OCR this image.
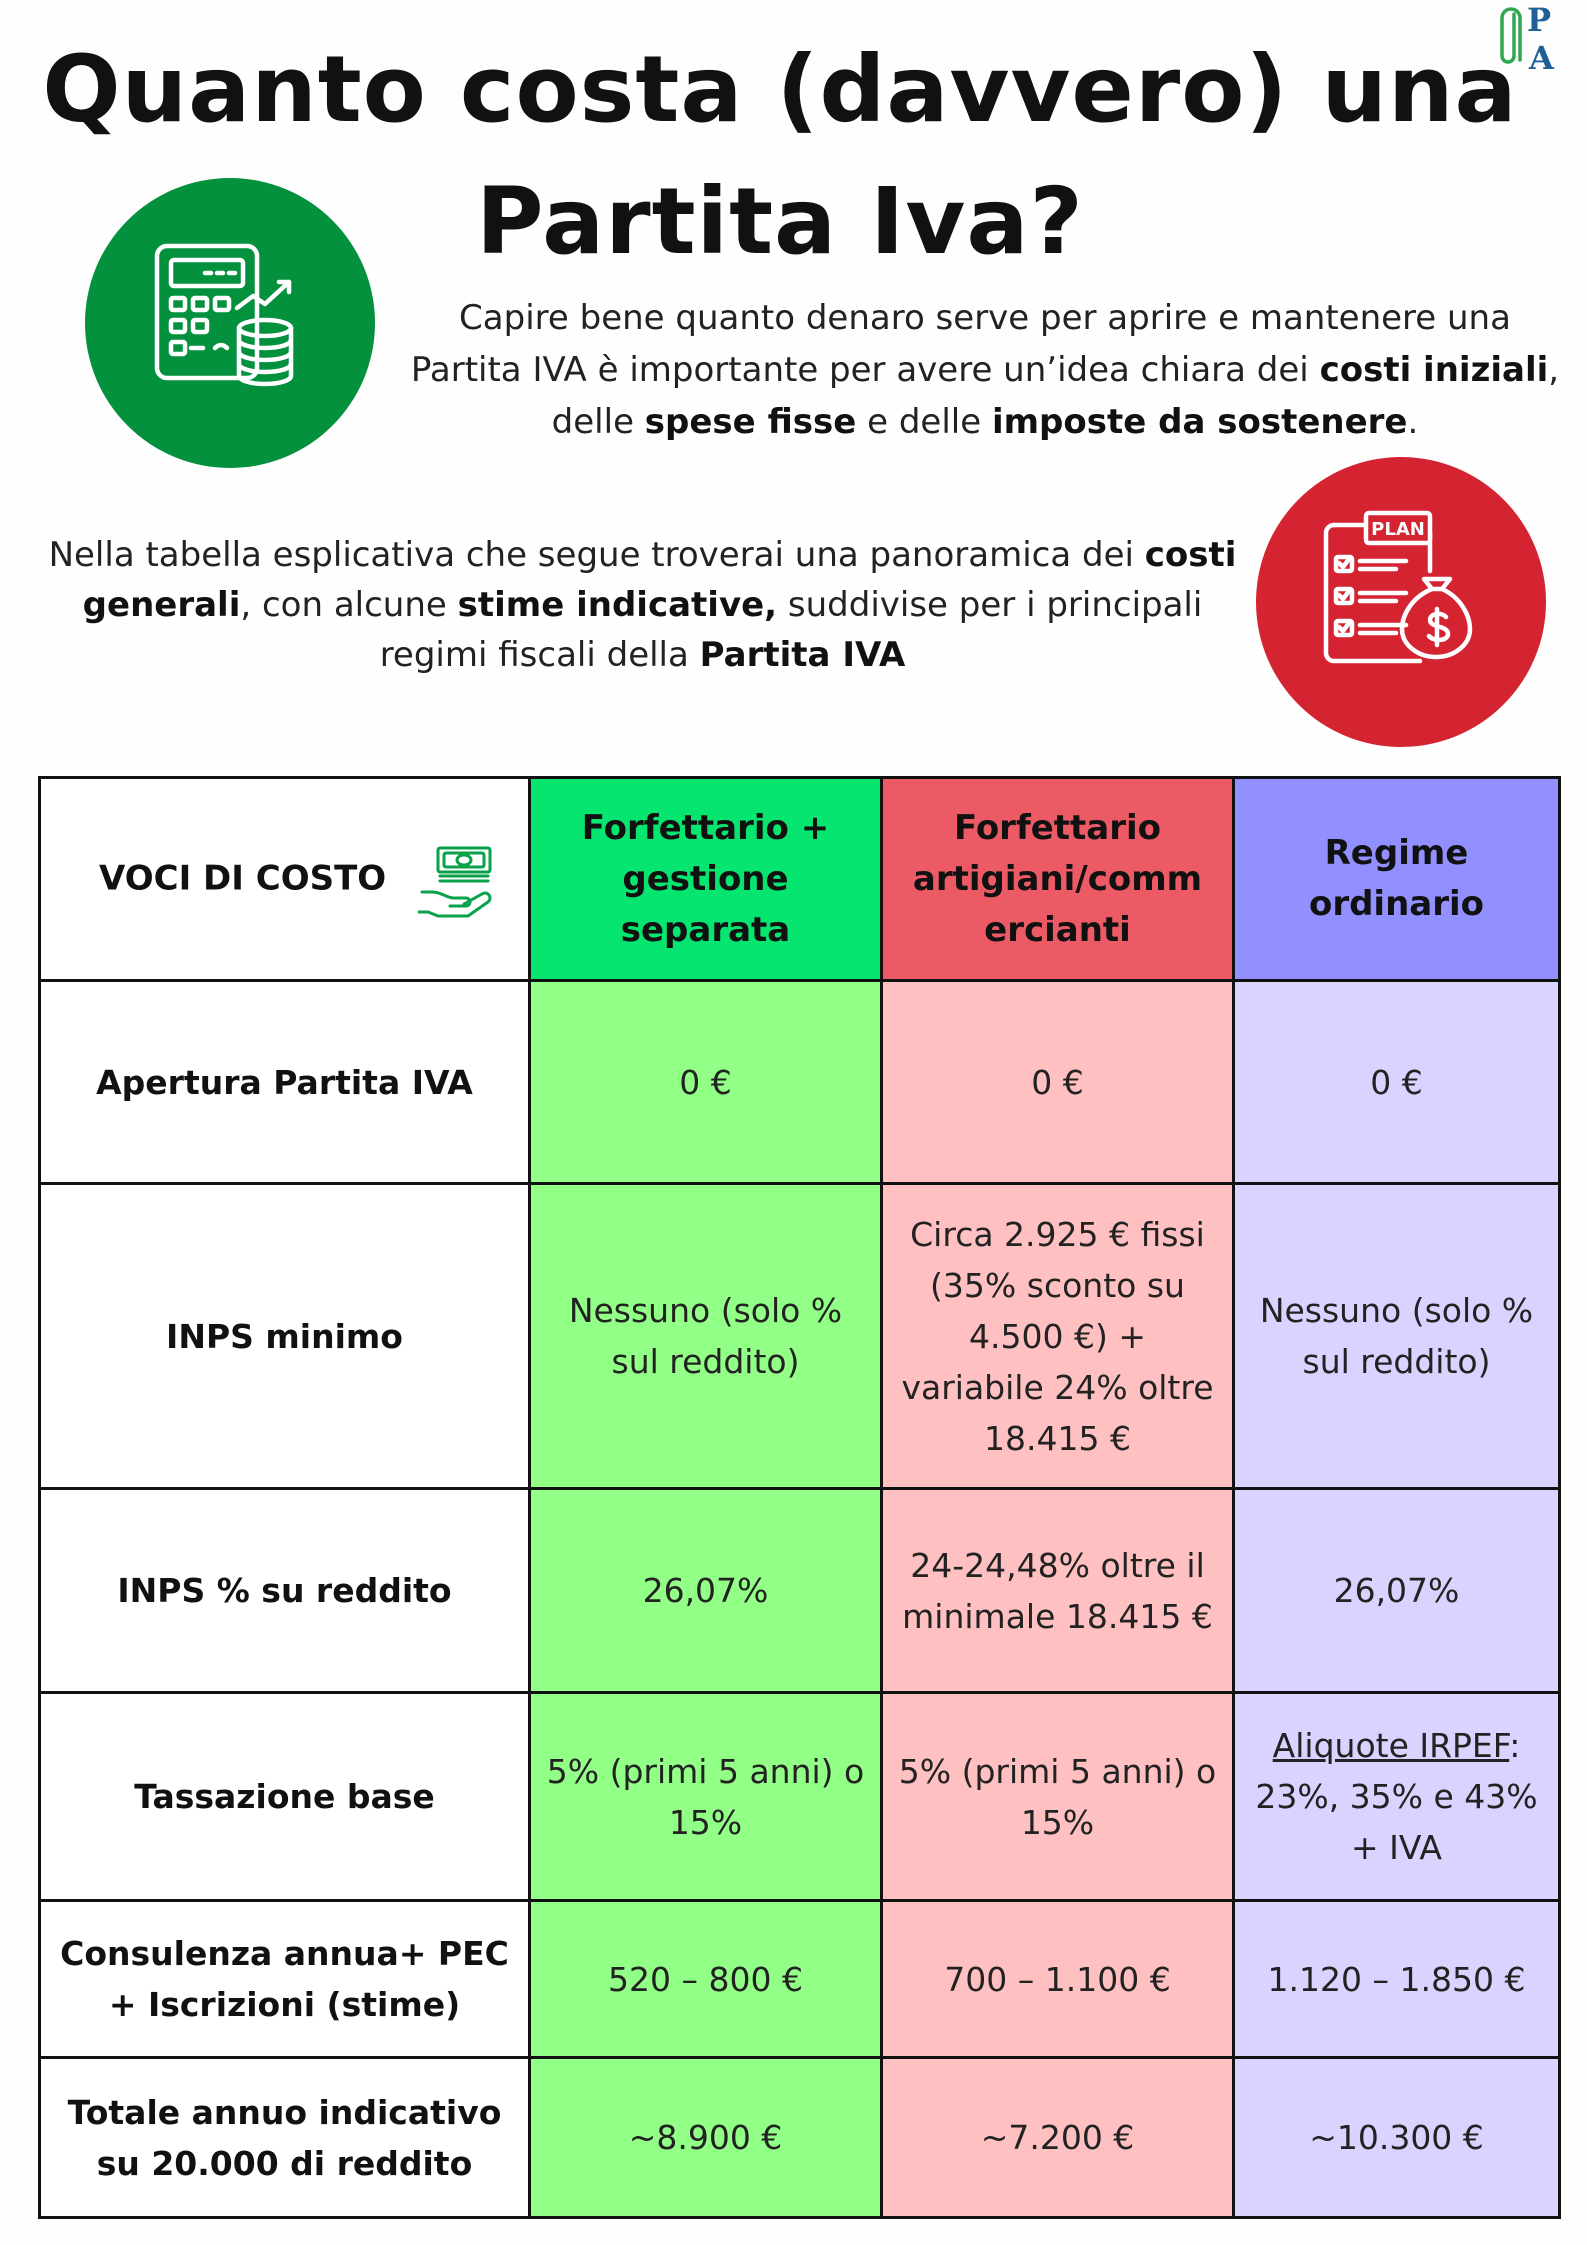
P
A
Quanto costa (davvero) una
Partita Iva?

Capire bene quanto denaro serve per aprire e mantenere una Partita IVA è importante per avere un’idea chiara dei costi iniziali, delle spese fisse e delle imposte da sostenere.

Nella tabella esplicativa che segue troverai una panoramica dei costi generali, con alcune stime indicative, suddivise per i principali regimi fiscali della Partita IVA

PLAN
VOCI DI COSTO	Forfettario + gestione separata	Forfettario
artigiani/comm
ercianti	Regime ordinario
Apertura Partita IVA	0 €	0 €	0 €
INPS minimo	Nessuno (solo % sul reddito)	Circa 2.925 € fissi (35% sconto su 4.500 €) + variabile 24% oltre 18.415 €	Nessuno (solo % sul reddito)
INPS % su reddito	26,07%	24-24,48% oltre il minimale 18.415 €	26,07%
Tassazione base	5% (primi 5 anni) o 15%	5% (primi 5 anni) o 15%	Aliquote IRPEF: 23%, 35% e 43% + IVA
Consulenza annua+ PEC + Iscrizioni (stime)	520 – 800 €	700 – 1.100 €	1.120 – 1.850 €
Totale annuo indicativo su 20.000 di reddito	~8.900 €	~7.200 €	~10.300 €
